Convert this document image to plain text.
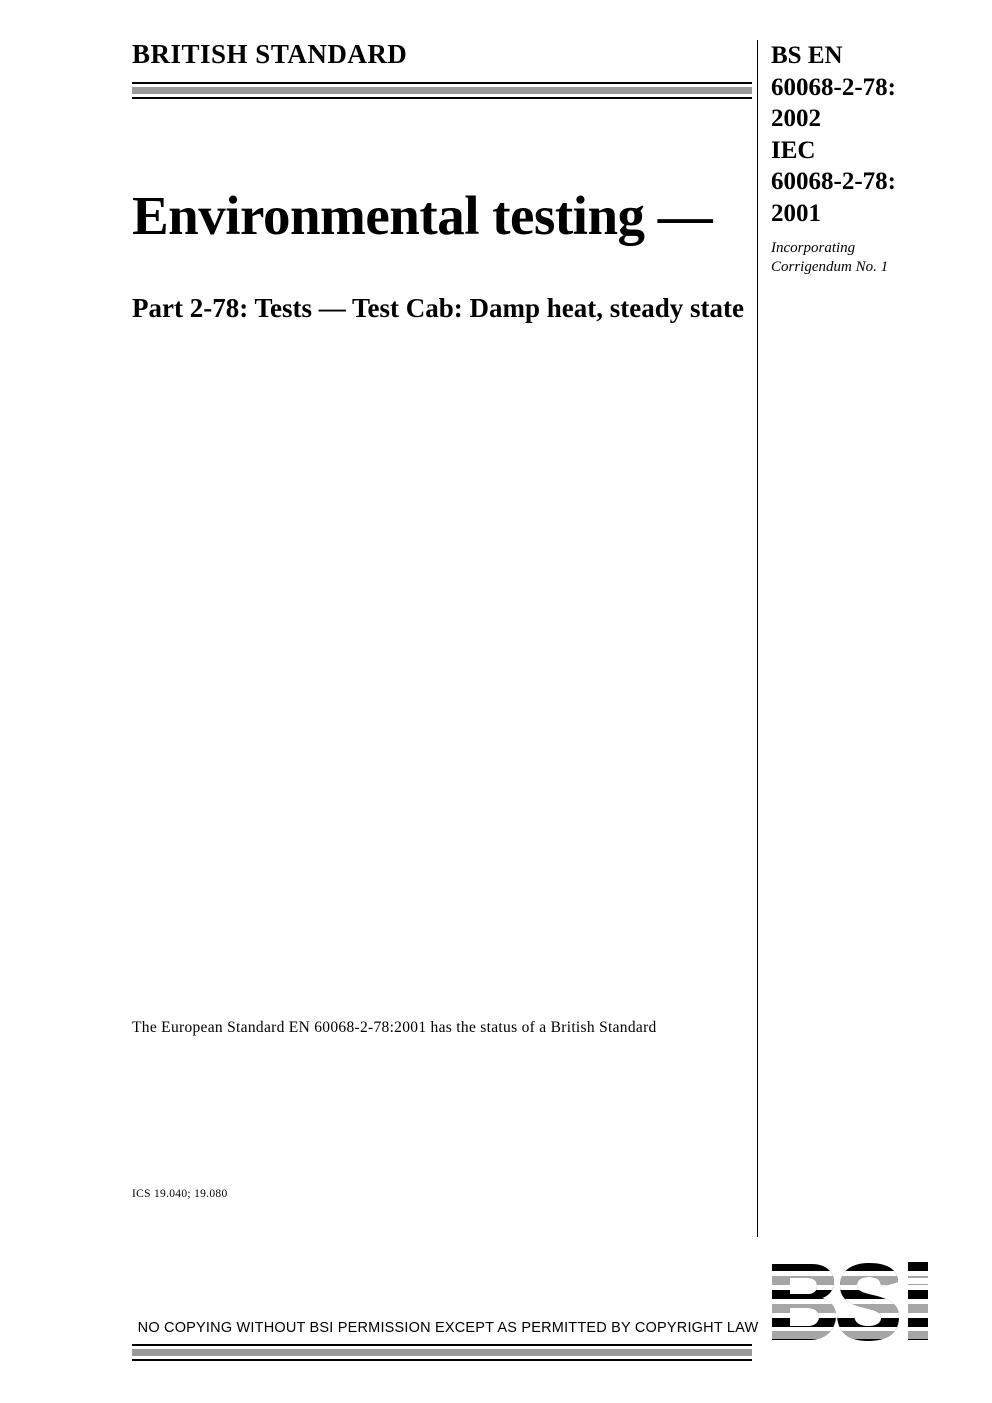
BRITISH STANDARD
Environmental testing —
Part 2-78: Tests — Test Cab: Damp heat, steady state
The European Standard EN 60068-2-78:2001 has the status of a British Standard
ICS 19.040; 19.080
BS EN
60068-2-78:
2002
IEC
60068-2-78:
2001
Incorporating
Corrigendum No. 1
NO COPYING WITHOUT BSI PERMISSION EXCEPT AS PERMITTED BY COPYRIGHT LAW
